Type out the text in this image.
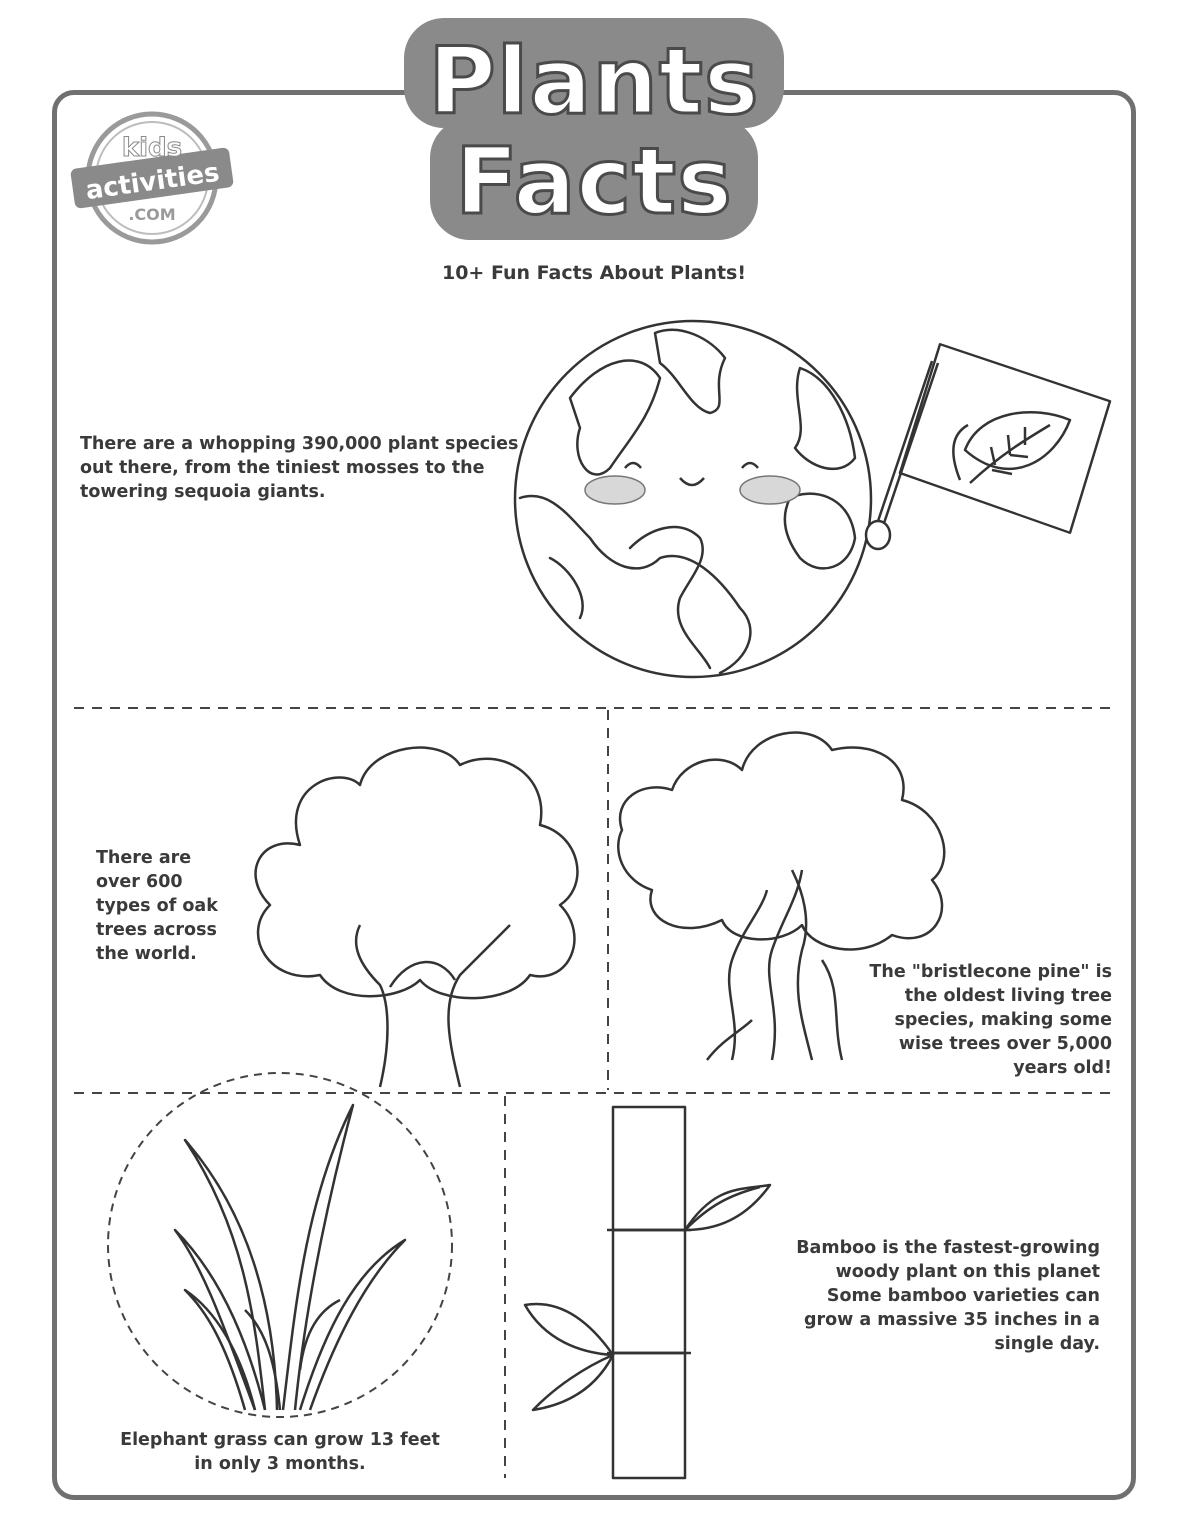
Plants
Facts
10+ Fun Facts About Plants!
kids
activities
.COM
There are a whopping 390,000 plant species
out there, from the tiniest mosses to the
towering sequoia giants.
There are
over 600
types of oak
trees across
the world.
The "bristlecone pine" is
the oldest living tree
species, making some
wise trees over 5,000
years old!
Bamboo is the fastest-growing
woody plant on this planet
Some bamboo varieties can
grow a massive 35 inches in a
single day.
Elephant grass can grow 13 feet
in only 3 months.
